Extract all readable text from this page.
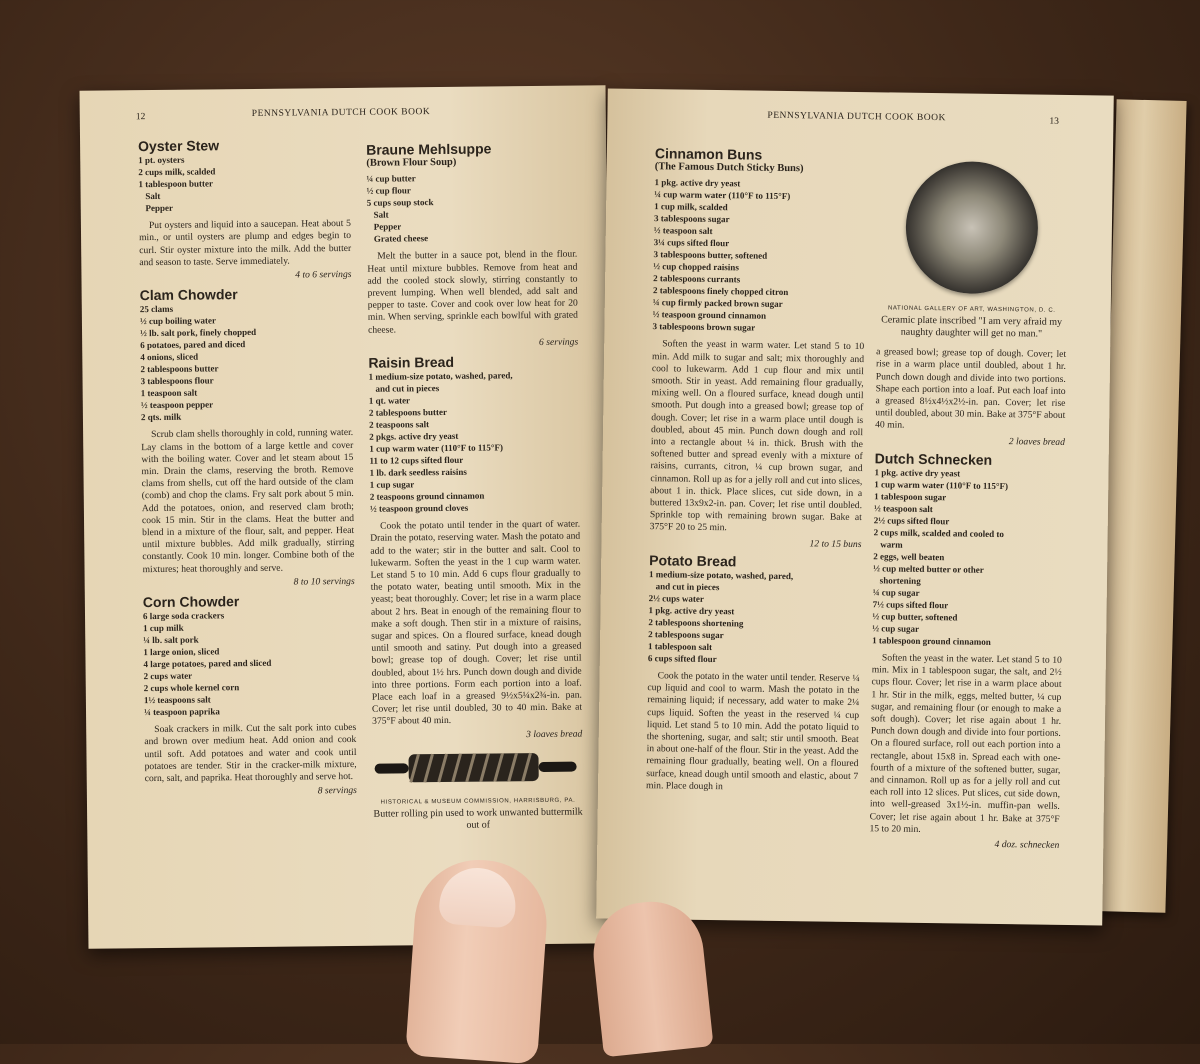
12	PENNSYLVANIA DUTCH COOK BOOK
Oyster Stew
1 pt. oysters
2 cups milk, scalded
1 tablespoon butter
Salt
Pepper

Put oysters and liquid into a saucepan. Heat about 5 min., or until oysters are plump and edges begin to curl. Stir oyster mixture into the milk. Add the butter and season to taste. Serve immediately.

4 to 6 servings

Clam Chowder
25 clams
½ cup boiling water
½ lb. salt pork, finely chopped
6 potatoes, pared and diced
4 onions, sliced
2 tablespoons butter
3 tablespoons flour
1 teaspoon salt
½ teaspoon pepper
2 qts. milk

Scrub clam shells thoroughly in cold, running water. Lay clams in the bottom of a large kettle and cover with the boiling water. Cover and let steam about 15 min. Drain the clams, reserving the broth. Remove clams from shells, cut off the hard outside of the clam (comb) and chop the clams. Fry salt pork about 5 min. Add the potatoes, onion, and reserved clam broth; cook 15 min. Stir in the clams. Heat the butter and blend in a mixture of the flour, salt, and pepper. Heat until mixture bubbles. Add milk gradually, stirring constantly. Cook 10 min. longer. Combine both of the mixtures; heat thoroughly and serve.

8 to 10 servings

Corn Chowder
6 large soda crackers
1 cup milk
¼ lb. salt pork
1 large onion, sliced
4 large potatoes, pared and sliced
2 cups water
2 cups whole kernel corn
1½ teaspoons salt
¼ teaspoon paprika

Soak crackers in milk. Cut the salt pork into cubes and brown over medium heat. Add onion and cook until soft. Add potatoes and water and cook until potatoes are tender. Stir in the cracker-milk mixture, corn, salt, and paprika. Heat thoroughly and serve hot.

8 servings

Braune Mehlsuppe
(Brown Flour Soup)
¼ cup butter
½ cup flour
5 cups soup stock
Salt
Pepper
Grated cheese

Melt the butter in a sauce pot, blend in the flour. Heat until mixture bubbles. Remove from heat and add the cooled stock slowly, stirring constantly to prevent lumping. When well blended, add salt and pepper to taste. Cover and cook over low heat for 20 min. When serving, sprinkle each bowlful with grated cheese.

6 servings

Raisin Bread
1 medium-size potato, washed, pared,
and cut in pieces
1 qt. water
2 tablespoons butter
2 teaspoons salt
2 pkgs. active dry yeast
1 cup warm water (110°F to 115°F)
11 to 12 cups sifted flour
1 lb. dark seedless raisins
1 cup sugar
2 teaspoons ground cinnamon
½ teaspoon ground cloves

Cook the potato until tender in the quart of water. Drain the potato, reserving water. Mash the potato and add to the water; stir in the butter and salt. Cool to lukewarm. Soften the yeast in the 1 cup warm water. Let stand 5 to 10 min. Add 6 cups flour gradually to the potato water, beating until smooth. Mix in the yeast; beat thoroughly. Cover; let rise in a warm place about 2 hrs. Beat in enough of the remaining flour to make a soft dough. Then stir in a mixture of raisins, sugar and spices. On a floured surface, knead dough until smooth and satiny. Put dough into a greased bowl; grease top of dough. Cover; let rise until doubled, about 1½ hrs. Punch down dough and divide into three portions. Form each portion into a loaf. Place each loaf in a greased 9½x5¼x2¾-in. pan. Cover; let rise until doubled, 30 to 40 min. Bake at 375°F about 40 min.

3 loaves bread

HISTORICAL & MUSEUM COMMISSION, HARRISBURG, PA.
Butter rolling pin used to work unwanted buttermilk out of
PENNSYLVANIA DUTCH COOK BOOK	13
Cinnamon Buns
(The Famous Dutch Sticky Buns)
1 pkg. active dry yeast
¼ cup warm water (110°F to 115°F)
1 cup milk, scalded
3 tablespoons sugar
½ teaspoon salt
3¼ cups sifted flour
3 tablespoons butter, softened
½ cup chopped raisins
2 tablespoons currants
2 tablespoons finely chopped citron
¼ cup firmly packed brown sugar
½ teaspoon ground cinnamon
3 tablespoons brown sugar

Soften the yeast in warm water. Let stand 5 to 10 min. Add milk to sugar and salt; mix thoroughly and cool to lukewarm. Add 1 cup flour and mix until smooth. Stir in yeast. Add remaining flour gradually, mixing well. On a floured surface, knead dough until smooth. Put dough into a greased bowl; grease top of dough. Cover; let rise in a warm place until dough is doubled, about 45 min. Punch down dough and roll into a rectangle about ¼ in. thick. Brush with the softened butter and spread evenly with a mixture of raisins, currants, citron, ¼ cup brown sugar, and cinnamon. Roll up as for a jelly roll and cut into slices, about 1 in. thick. Place slices, cut side down, in a buttered 13x9x2-in. pan. Cover; let rise until doubled. Sprinkle top with remaining brown sugar. Bake at 375°F 20 to 25 min.

12 to 15 buns

Potato Bread
1 medium-size potato, washed, pared,
and cut in pieces
2½ cups water
1 pkg. active dry yeast
2 tablespoons shortening
2 tablespoons sugar
1 tablespoon salt
6 cups sifted flour

Cook the potato in the water until tender. Reserve ¼ cup liquid and cool to warm. Mash the potato in the remaining liquid; if necessary, add water to make 2¼ cups liquid. Soften the yeast in the reserved ¼ cup liquid. Let stand 5 to 10 min. Add the potato liquid to the shortening, sugar, and salt; stir until smooth. Beat in about one-half of the flour. Stir in the yeast. Add the remaining flour gradually, beating well. On a floured surface, knead dough until smooth and elastic, about 7 min. Place dough in

NATIONAL GALLERY OF ART, WASHINGTON, D. C.
Ceramic plate inscribed "I am very afraid my naughty daughter will get no man."

a greased bowl; grease top of dough. Cover; let rise in a warm place until doubled, about 1 hr. Punch down dough and divide into two portions. Shape each portion into a loaf. Put each loaf into a greased 8½x4½x2½-in. pan. Cover; let rise until doubled, about 30 min. Bake at 375°F about 40 min.

2 loaves bread

Dutch Schnecken
1 pkg. active dry yeast
1 cup warm water (110°F to 115°F)
1 tablespoon sugar
½ teaspoon salt
2½ cups sifted flour
2 cups milk, scalded and cooled to
warm
2 eggs, well beaten
½ cup melted butter or other
shortening
¼ cup sugar
7½ cups sifted flour
½ cup butter, softened
½ cup sugar
1 tablespoon ground cinnamon

Soften the yeast in the water. Let stand 5 to 10 min. Mix in 1 tablespoon sugar, the salt, and 2½ cups flour. Cover; let rise in a warm place about 1 hr. Stir in the milk, eggs, melted butter, ¼ cup sugar, and remaining flour (or enough to make a soft dough). Cover; let rise again about 1 hr. Punch down dough and divide into four portions. On a floured surface, roll out each portion into a rectangle, about 15x8 in. Spread each with one-fourth of a mixture of the softened butter, sugar, and cinnamon. Roll up as for a jelly roll and cut each roll into 12 slices. Put slices, cut side down, into well-greased 3x1½-in. muffin-pan wells. Cover; let rise again about 1 hr. Bake at 375°F 15 to 20 min.

4 doz. schnecken
